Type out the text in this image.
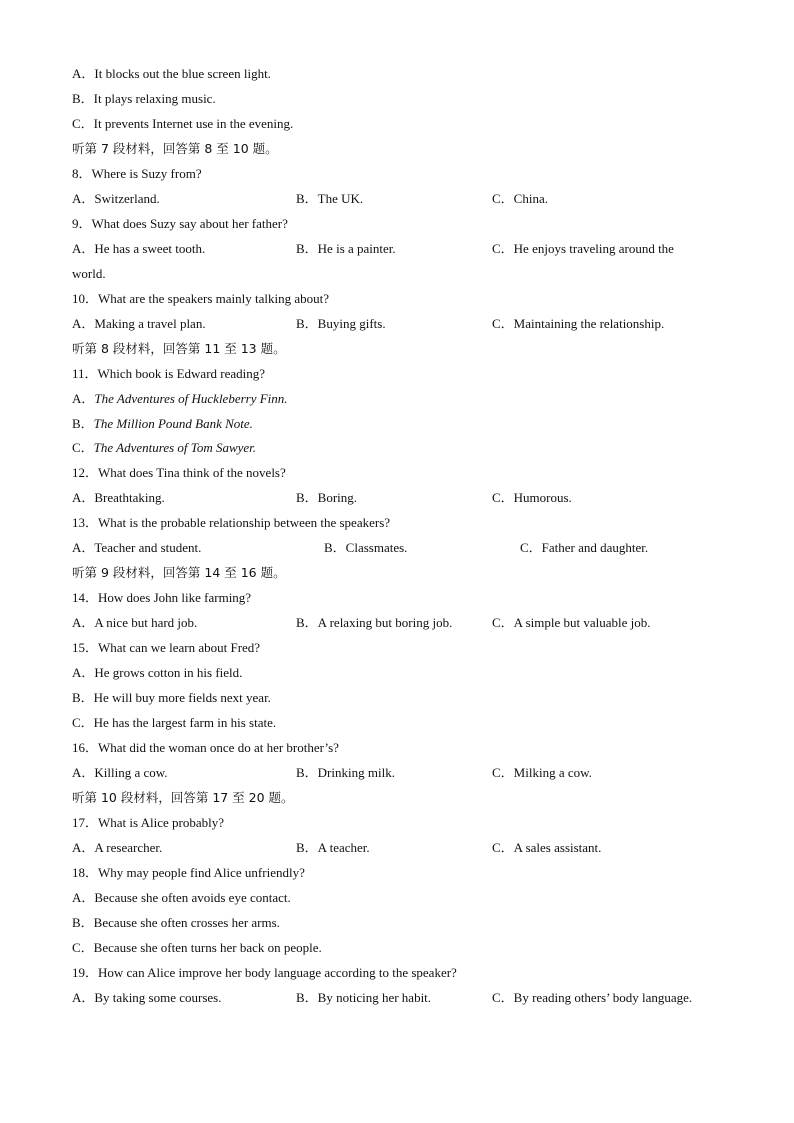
A．It blocks out the blue screen light.
B．It plays relaxing music.
C．It prevents Internet use in the evening.
听第 7 段材料，回答第 8 至 10 题。
8．Where is Suzy from?
A．Switzerland.	B．The UK.	C．China.
9．What does Suzy say about her father?
A．He has a sweet tooth.	B．He is a painter.	C．He enjoys traveling around the
world.
10．What are the speakers mainly talking about?
A．Making a travel plan.	B．Buying gifts.	C．Maintaining the relationship.
听第 8 段材料，回答第 11 至 13 题。
11．Which book is Edward reading?
A．The Adventures of Huckleberry Finn.
B．The Million Pound Bank Note.
C．The Adventures of Tom Sawyer.
12．What does Tina think of the novels?
A．Breathtaking.	B．Boring.	C．Humorous.
13．What is the probable relationship between the speakers?
A．Teacher and student.	B．Classmates.	C．Father and daughter.
听第 9 段材料，回答第 14 至 16 题。
14．How does John like farming?
A．A nice but hard job.	B．A relaxing but boring job.	C．A simple but valuable job.
15．What can we learn about Fred?
A．He grows cotton in his field.
B．He will buy more fields next year.
C．He has the largest farm in his state.
16．What did the woman once do at her brother’s?
A．Killing a cow.	B．Drinking milk.	C．Milking a cow.
听第 10 段材料，回答第 17 至 20 题。
17．What is Alice probably?
A．A researcher.	B．A teacher.	C．A sales assistant.
18．Why may people find Alice unfriendly?
A．Because she often avoids eye contact.
B．Because she often crosses her arms.
C．Because she often turns her back on people.
19．How can Alice improve her body language according to the speaker?
A．By taking some courses.	B．By noticing her habit.	C．By reading others’ body language.
